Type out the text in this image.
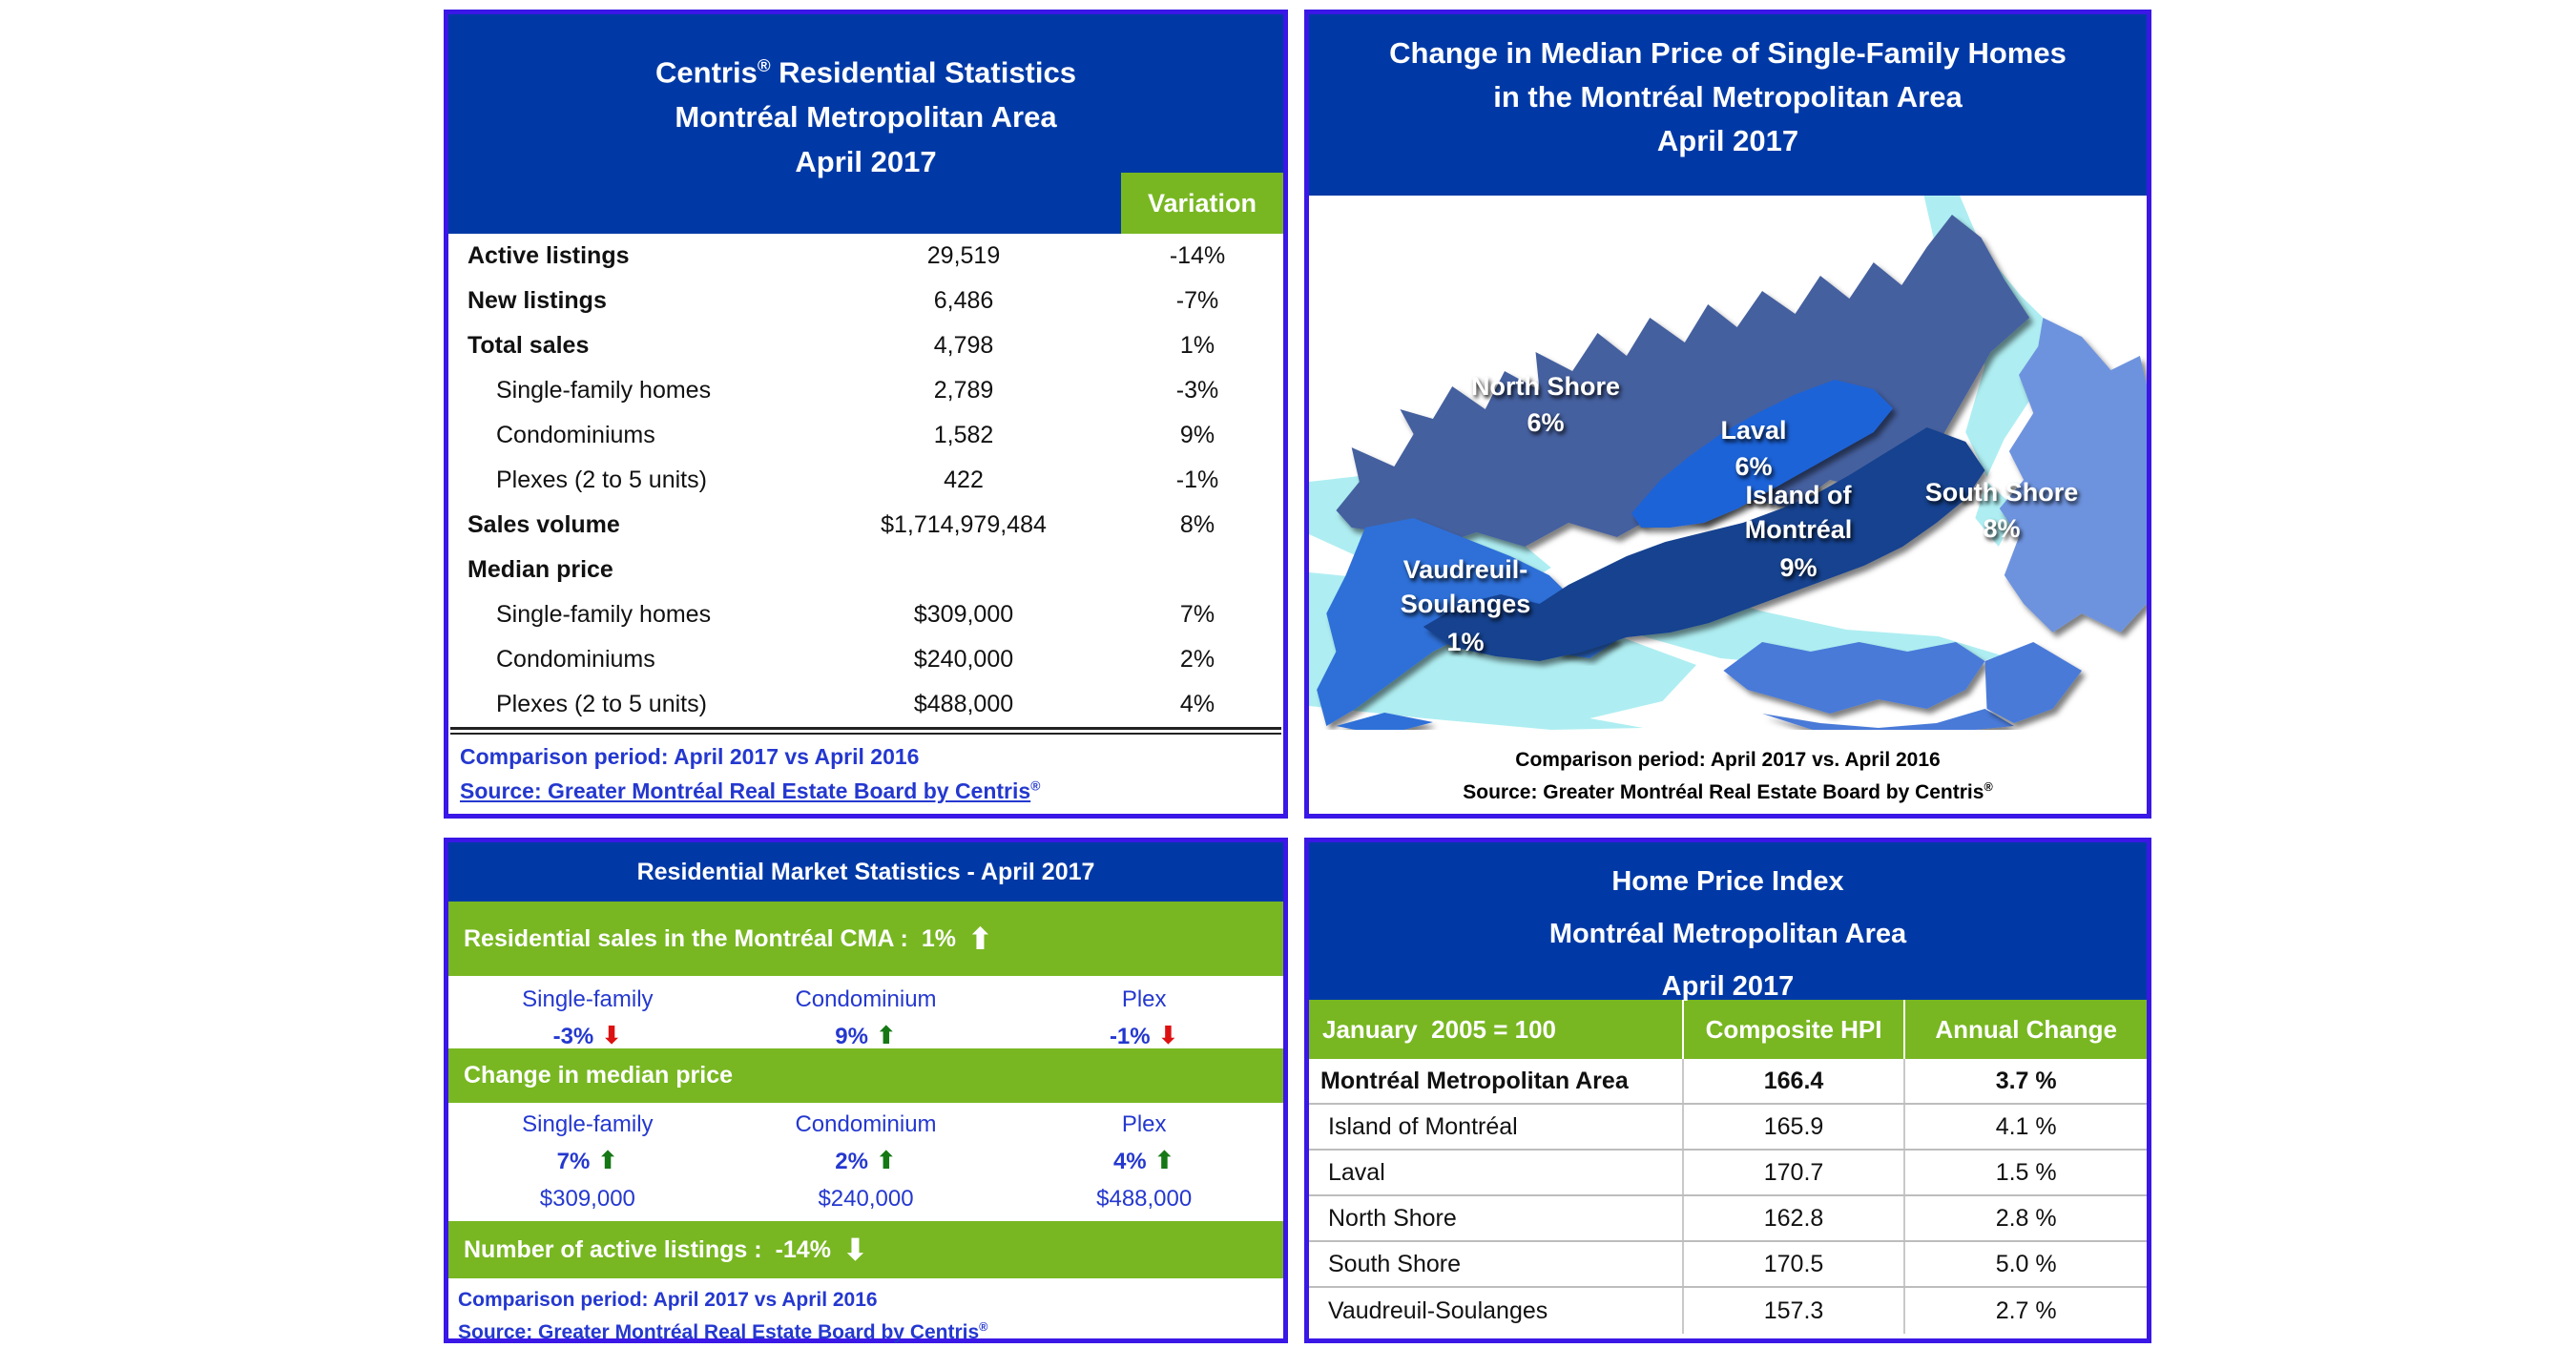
Centris® Residential Statistics
Montréal Metropolitan Area
April 2017
Variation
Active listings	29,519	-14%
New listings	6,486	-7%
Total sales	4,798	1%
Single-family homes	2,789	-3%
Condominiums	1,582	9%
Plexes (2 to 5 units)	422	-1%
Sales volume	$1,714,979,484	8%
Median price
Single-family homes	$309,000	7%
Condominiums	$240,000	2%
Plexes (2 to 5 units)	$488,000	4%
Comparison period: April 2017 vs April 2016
Source: Greater Montréal Real Estate Board by Centris®
Change in Median Price of Single-Family Homes
in the Montréal Metropolitan Area
April 2017
North Shore
6%	Laval
6%
Island of
Montréal
9%
South Shore
8%
Vaudreuil-
Soulanges
1%
Comparison period: April 2017 vs. April 2016
Source: Greater Montréal Real Estate Board by Centris®
Residential Market Statistics - April 2017
Residential sales in the Montréal CMA : 1% ⬆
Single-family
-3% ⬇
Condominium
9% ⬆
Plex
-1% ⬇
Change in median price
Single-family
7% ⬆
$309,000
Condominium
2% ⬆
$240,000
Plex
4% ⬆
$488,000
Number of active listings : -14% ⬇
Comparison period: April 2017 vs April 2016
Source: Greater Montréal Real Estate Board by Centris®
Home Price Index
Montréal Metropolitan Area
April 2017
January  2005 = 100	Composite HPI	Annual Change
Montréal Metropolitan Area	166.4	3.7 %
Island of Montréal	165.9	4.1 %
Laval	170.7	1.5 %
North Shore	162.8	2.8 %
South Shore	170.5	5.0 %
Vaudreuil-Soulanges	157.3	2.7 %
